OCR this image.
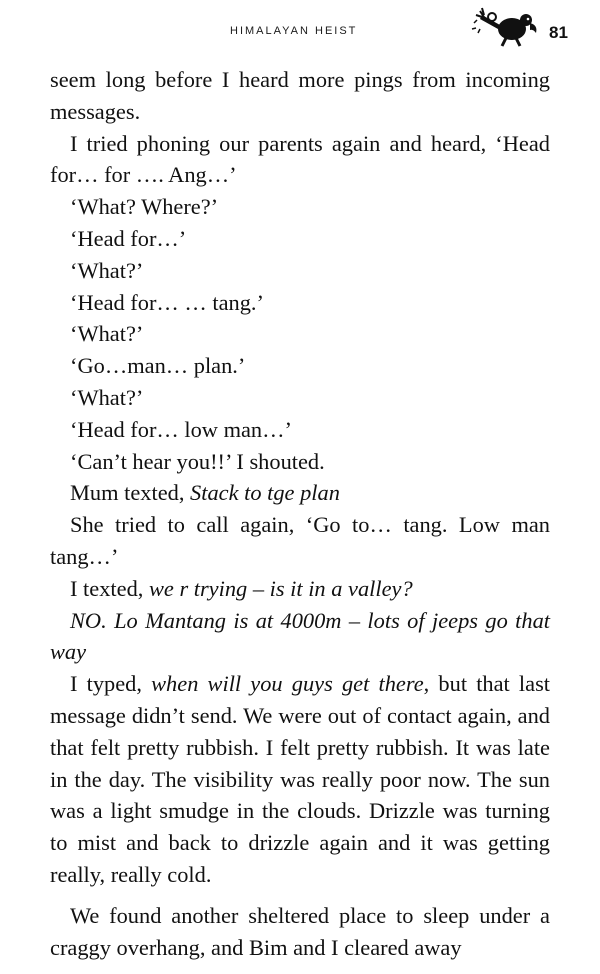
HIMALAYAN HEIST	81

seem long before I heard more pings from incoming messages.

I tried phoning our parents again and heard, ‘Head for… for …. Ang…’

‘What? Where?’

‘Head for…’

‘What?’

‘Head for… … tang.’

‘What?’

‘Go…man… plan.’

‘What?’

‘Head for… low man…’

‘Can’t hear you!!’ I shouted.

Mum texted, Stack to tge plan

She tried to call again, ‘Go to… tang. Low man tang…’

I texted, we r trying – is it in a valley?

NO. Lo Mantang is at 4000m – lots of jeeps go that way

I typed, when will you guys get there, but that last message didn’t send. We were out of contact again, and that felt pretty rubbish. I felt pretty rubbish. It was late in the day. The visibility was really poor now. The sun was a light smudge in the clouds. Drizzle was turning to mist and back to drizzle again and it was getting really, really cold.

We found another sheltered place to sleep under a craggy overhang, and Bim and I cleared away
